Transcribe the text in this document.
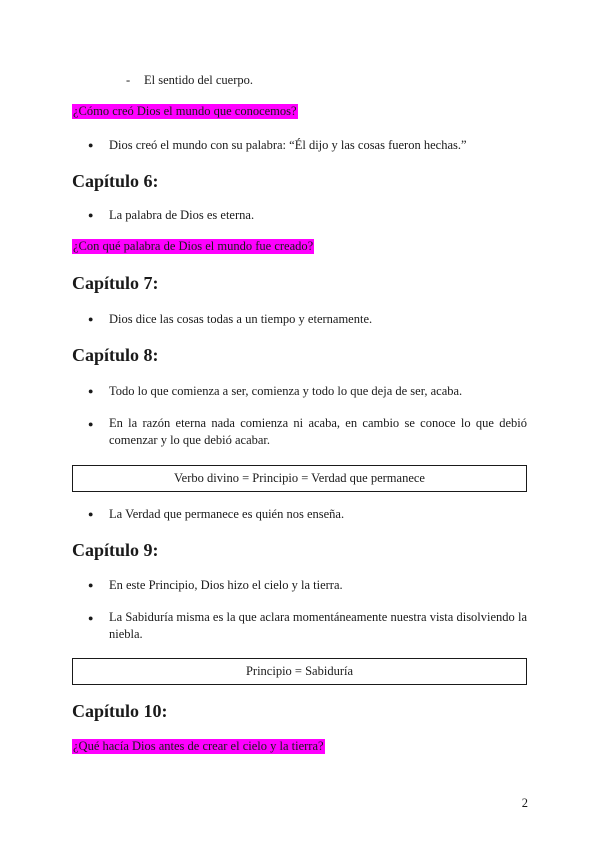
- El sentido del cuerpo.
¿Cómo creó Dios el mundo que conocemos?
● Dios creó el mundo con su palabra: “Él dijo y las cosas fueron hechas.”
Capítulo 6:
● La palabra de Dios es eterna.
¿Con qué palabra de Dios el mundo fue creado?
Capítulo 7:
● Dios dice las cosas todas a un tiempo y eternamente.
Capítulo 8:
● Todo lo que comienza a ser, comienza y todo lo que deja de ser, acaba.
●	En la razón eterna nada comienza ni acaba, en cambio se conoce lo que debió comenzar y lo que debió acabar.
Verbo divino = Principio = Verdad que permanece
● La Verdad que permanece es quién nos enseña.
Capítulo 9:
● En este Principio, Dios hizo el cielo y la tierra.
●	La Sabiduría misma es la que aclara momentáneamente nuestra vista disolviendo la niebla.
Principio = Sabiduría
Capítulo 10:
¿Qué hacía Dios antes de crear el cielo y la tierra?
2
